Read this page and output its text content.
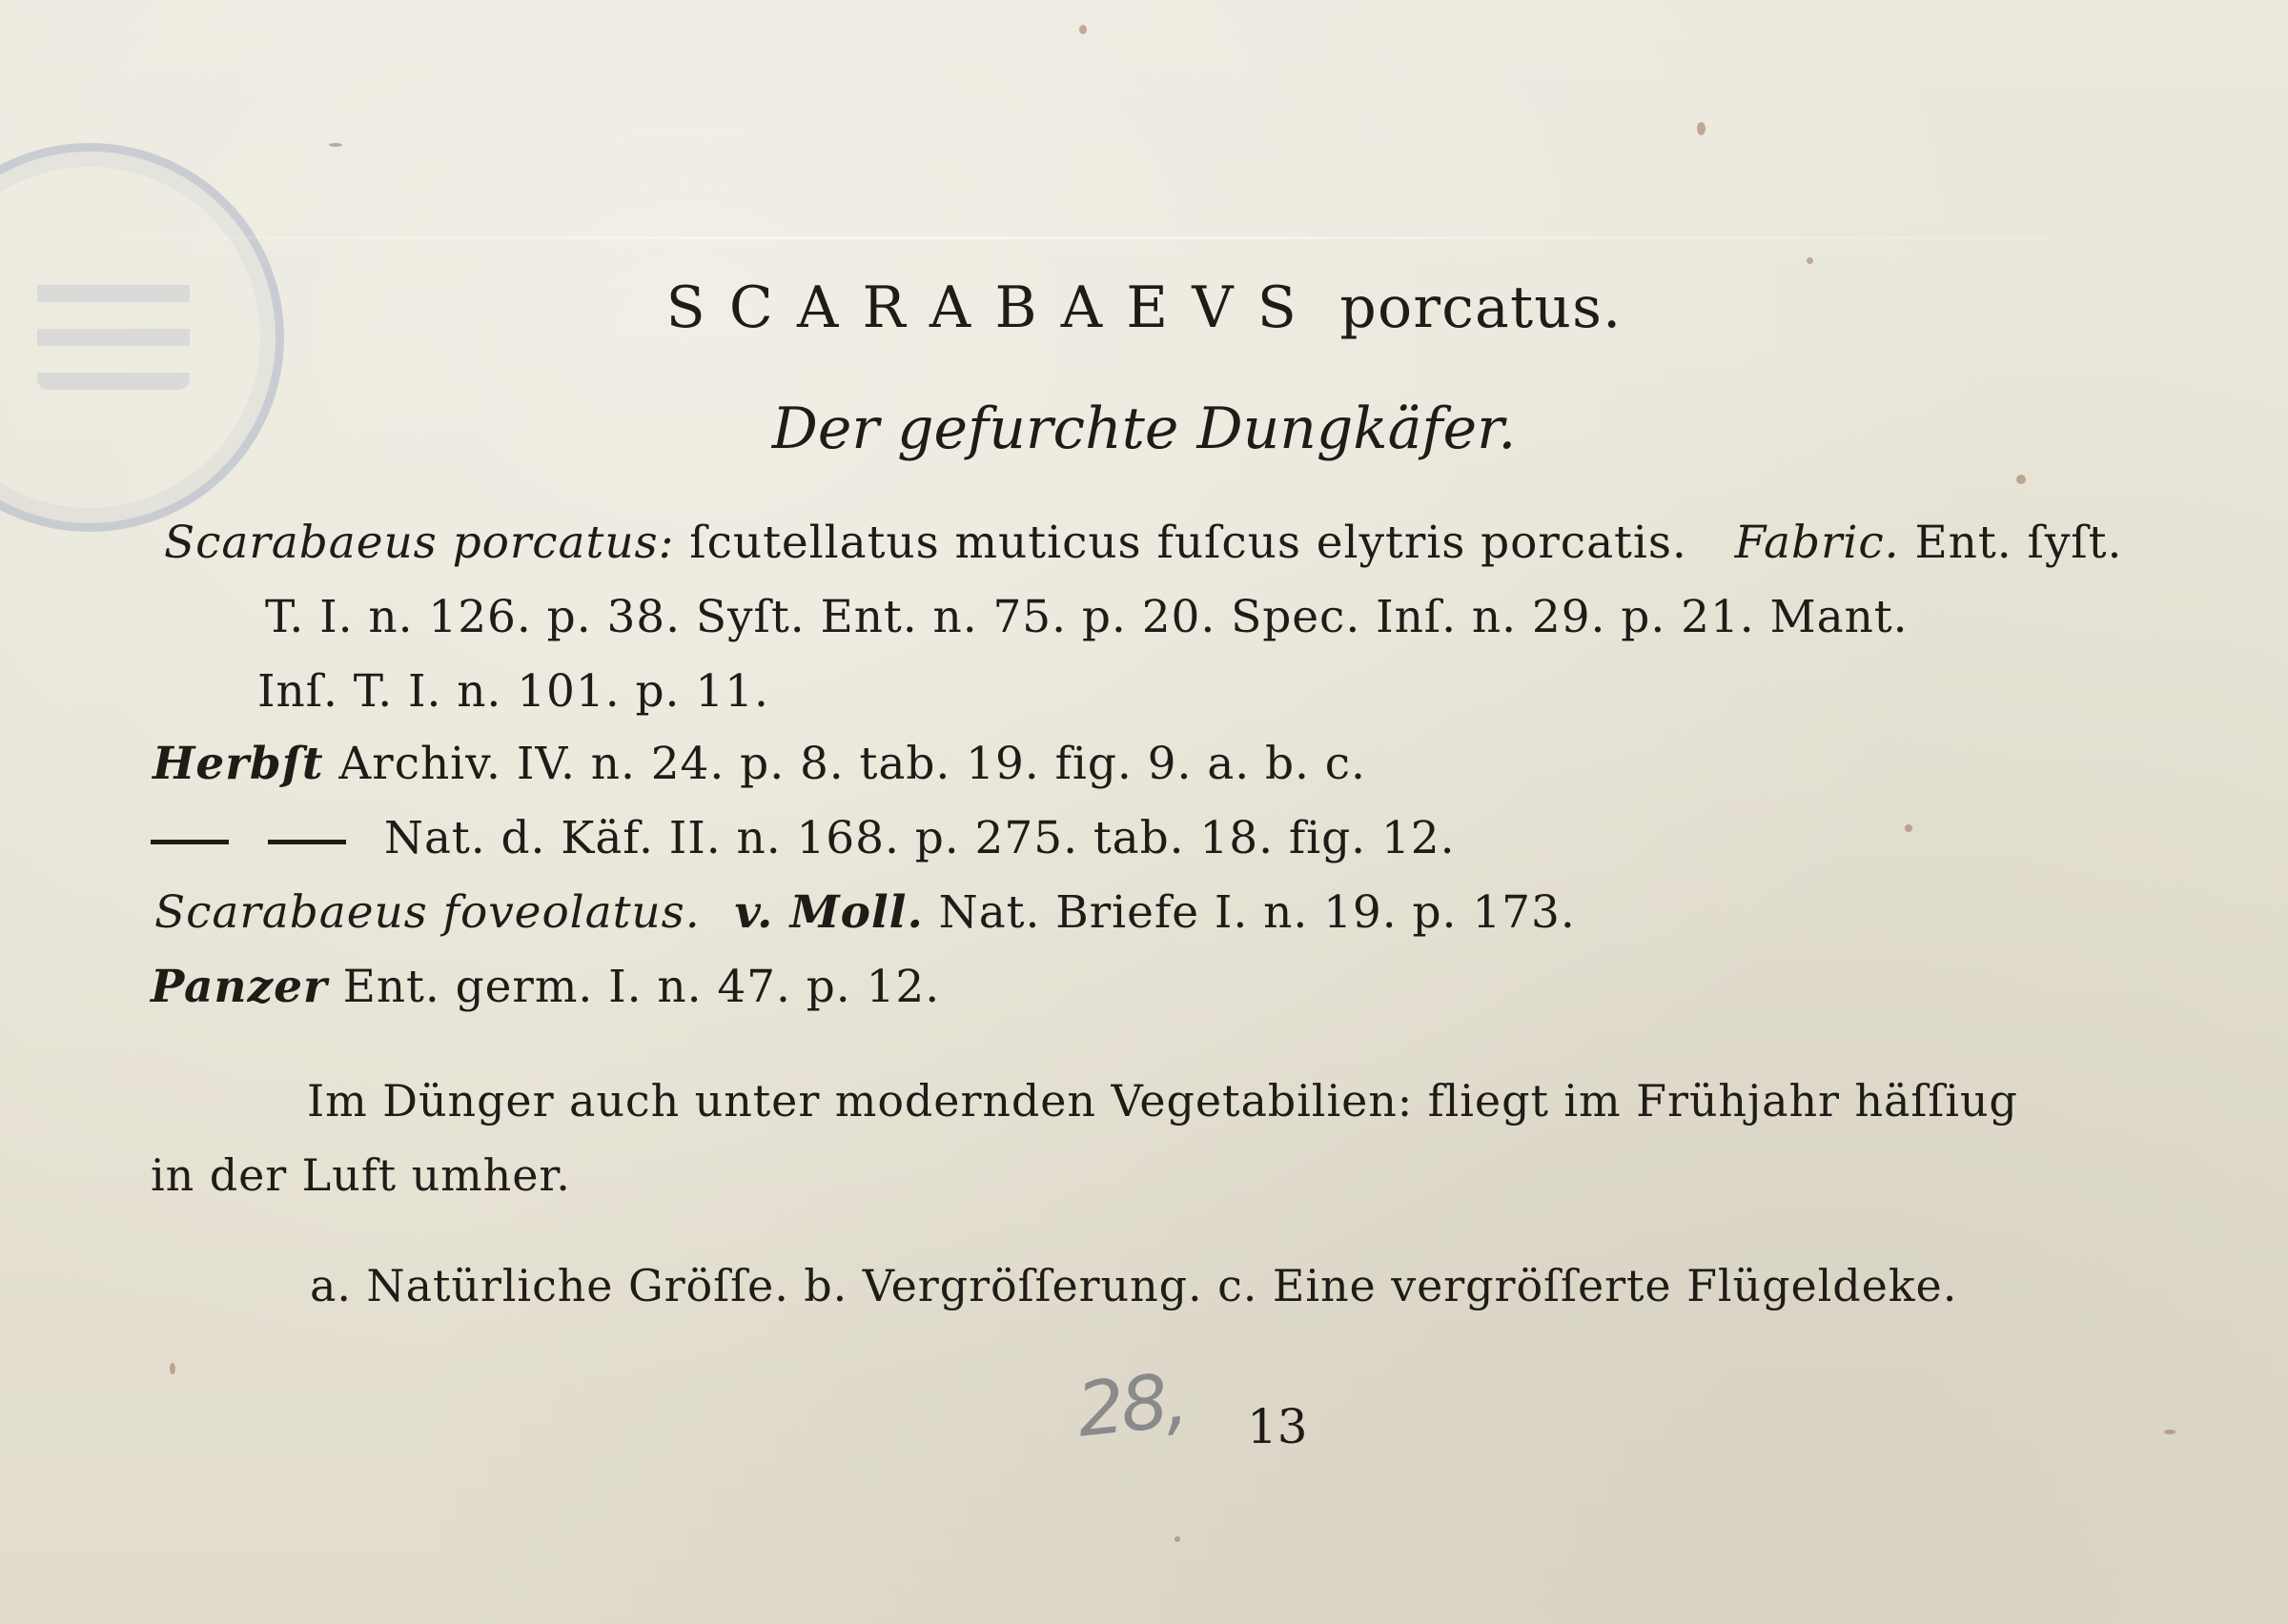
SCARABAEVS porcatus.
Der gefurchte Dungkäfer.
Scarabaeus porcatus: ſcutellatus muticus fuſcus elytris porcatis. Fabric. Ent. ſyſt.
T. I. n. 126. p. 38. Syſt. Ent. n. 75. p. 20. Spec. Inſ. n. 29. p. 21. Mant.
Inſ. T. I. n. 101. p. 11.
Herbſt Archiv. IV. n. 24. p. 8. tab. 19. fig. 9. a. b. c.
Nat. d. Käf. II. n. 168. p. 275. tab. 18. fig. 12.
Scarabaeus foveolatus. v. Moll. Nat. Briefe I. n. 19. p. 173.
Panzer Ent. germ. I. n. 47. p. 12.
Im Dünger auch unter modernden Vegetabilien: fliegt im Frühjahr häſſiug
in der Luft umher.
a. Natürliche Gröſſe. b. Vergröſſerung. c. Eine vergröſſerte Flügeldeke.
28, 13
